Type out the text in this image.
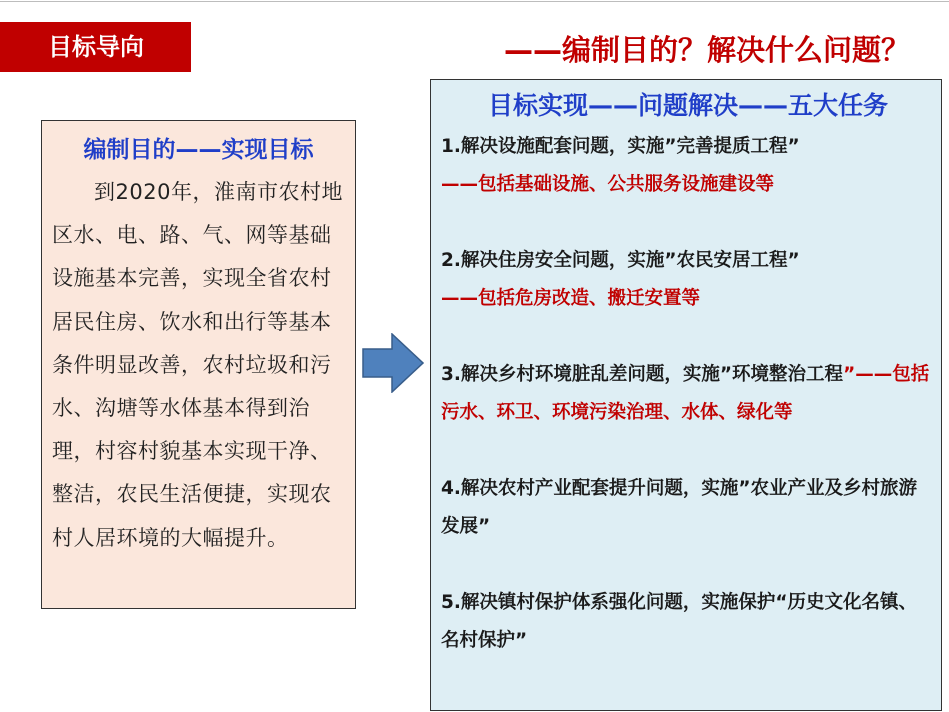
目标导向	——编制目的？解决什么问题？
编制目的——实现目标
到2020年，淮南市农村地区水、电、路、气、网等基础设施基本完善，实现全省农村居民住房、饮水和出行等基本条件明显改善，农村垃圾和污水、沟塘等水体基本得到治理，村容村貌基本实现干净、整洁，农民生活便捷，实现农村人居环境的大幅提升。
目标实现——问题解决——五大任务
1.解决设施配套问题，实施”完善提质工程”
——包括基础设施、公共服务设施建设等
2.解决住房安全问题，实施”农民安居工程”
——包括危房改造、搬迁安置等
3.解决乡村环境脏乱差问题，实施”环境整治工程”——包括污水、环卫、环境污染治理、水体、绿化等
4.解决农村产业配套提升问题，实施”农业产业及乡村旅游发展”
5.解决镇村保护体系强化问题，实施保护“历史文化名镇、名村保护”
